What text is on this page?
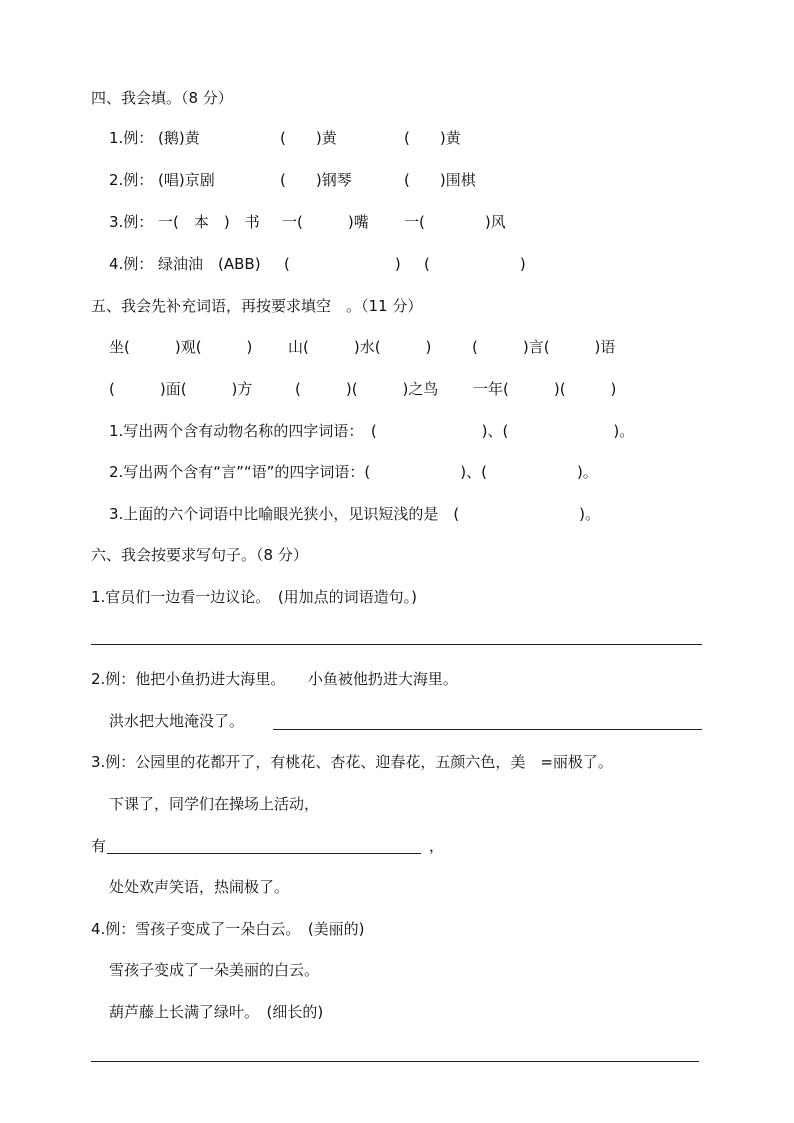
四、我会填。（8 分）
1.例： (鹅)黄	(　　)黄	(　　)黄
2.例： (唱)京剧	(　　)钢琴	(　　)围棋
3.例： 一(　本　)　书 一(　　　)嘴 一(　　　　)风
4.例： 绿油油　(ABB) (　　　　　　　) (　　　　　　)
五、我会先补充词语，再按要求填空　。（11 分）
坐(　　　)观(　　　) 山(　　　)水(　　　)	(　　　)言(　　　)语
(　　　)面(　　　)方	(　　　)(　　　)之鸟 一年(　　　)(　　　)
1.写出两个含有动物名称的四字词语：　(　　　　　　　)、(　　　　　　　)。
2.写出两个含有“言”“语”的四字词语：(　　　　　　)、(　　　　　　)。
3.上面的六个词语中比喻眼光狭小，见识短浅的是　(　　　　　　　　)。
六、我会按要求写句子。（8 分）
1.官员们一边看一边议论。　(用加点的词语造句。)
2.例：他把小鱼扔进大海里。　　小鱼被他扔进大海里。
洪水把大地淹没了。
3.例：公园里的花都开了，有桃花、杏花、迎春花，五颜六色，美　=丽极了。
下课了，同学们在操场上活动，
有	，
处处欢声笑语，热闹极了。
4.例：雪孩子变成了一朵白云。　(美丽的)
雪孩子变成了一朵美丽的白云。
葫芦藤上长满了绿叶。　(细长的)
